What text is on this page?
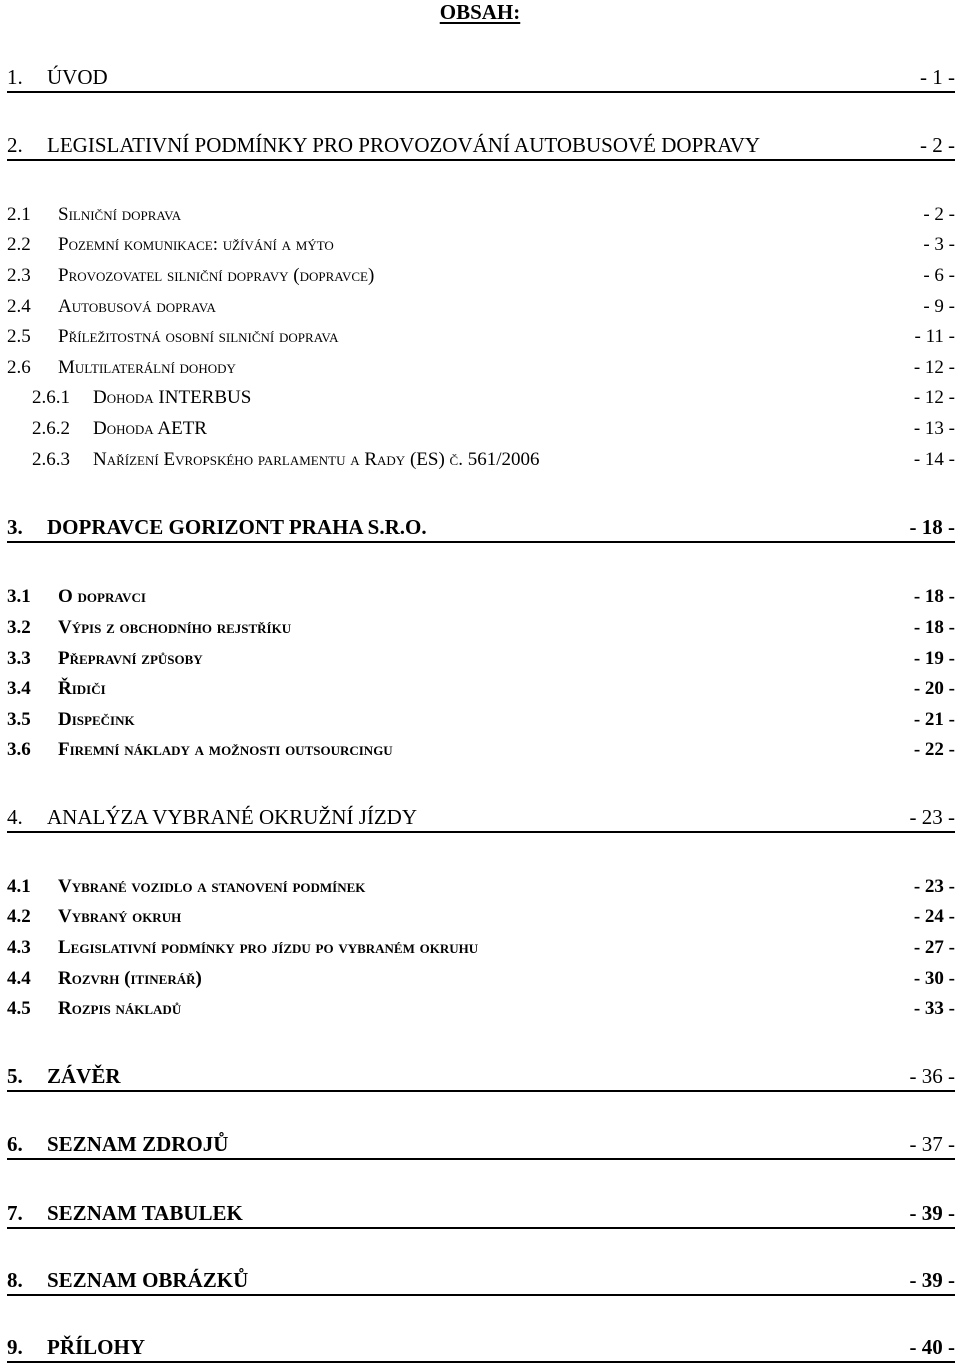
OBSAH:
1. ÚVOD	- 1 -
2. LEGISLATIVNÍ PODMÍNKY PRO PROVOZOVÁNÍ AUTOBUSOVÉ DOPRAVY	- 2 -
2.1 Silniční doprava	- 2 -
2.2 Pozemní komunikace: užívání a mýto	- 3 -
2.3 Provozovatel silniční dopravy (dopravce)	- 6 -
2.4 Autobusová doprava	- 9 -
2.5 Příležitostná osobní silniční doprava	- 11 -
2.6 Multilaterální dohody	- 12 -
2.6.1 Dohoda INTERBUS	- 12 -
2.6.2 Dohoda AETR	- 13 -
2.6.3 Nařízení Evropského parlamentu a Rady (ES) č. 561/2006	- 14 -
3. DOPRAVCE GORIZONT PRAHA S.R.O.	- 18 -
3.1 O dopravci	- 18 -
3.2 Výpis z obchodního rejstříku	- 18 -
3.3 Přepravní způsoby	- 19 -
3.4 Řidiči	- 20 -
3.5 Dispečink	- 21 -
3.6 Firemní náklady a možnosti outsourcingu	- 22 -
4. ANALÝZA VYBRANÉ OKRUŽNÍ JÍZDY	- 23 -
4.1 Vybrané vozidlo a stanovení podmínek	- 23 -
4.2 Vybraný okruh	- 24 -
4.3 Legislativní podmínky pro jízdu po vybraném okruhu	- 27 -
4.4 Rozvrh (itinerář)	- 30 -
4.5 Rozpis nákladů	- 33 -
5. ZÁVĚR	- 36 -
6. SEZNAM ZDROJŮ	- 37 -
7. SEZNAM TABULEK	- 39 -
8. SEZNAM OBRÁZKŮ	- 39 -
9. PŘÍLOHY	- 40 -
